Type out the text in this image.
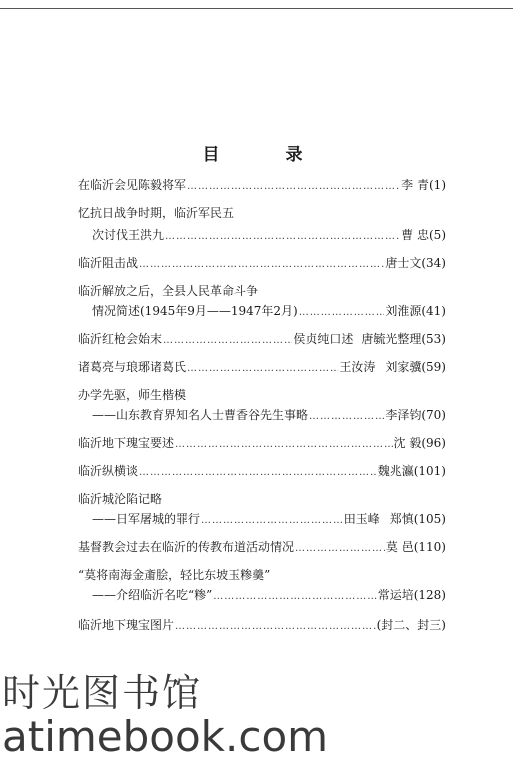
目 录
在临沂会见陈毅将军 ………………………………………………………………………………………………………………	李 青 (1)
忆抗日战争时期，临沂军民五
次讨伐王洪九 ………………………………………………………………………………………………………………	曹 忠 (5)
临沂阻击战 ………………………………………………………………………………………………………………	唐士文 (34)
临沂解放之后，全县人民革命斗争
情况简述(1945年9月——1947年2月) ………………………………………………………………………………………………………………	刘淮源 (41)
临沂红枪会始末 ………………………………………………………………………………………………………………	侯贞纯口述 唐毓光整理 (53)
诸葛亮与琅琊诸葛氏 ………………………………………………………………………………………………………………	王汝涛 刘家骥 (59)
办学先驱，师生楷模
——山东教育界知名人士曹香谷先生事略 ………………………………………………………………………………………………………………	李泽钧 (70)
临沂地下瑰宝要述 ………………………………………………………………………………………………………………	沈 毅 (96)
临沂纵横谈 ………………………………………………………………………………………………………………	魏兆瀛 (101)
临沂城沦陷记略
——日军屠城的罪行 ………………………………………………………………………………………………………………	田玉峰 郑慎 (105)
基督教会过去在临沂的传教布道活动情况 ………………………………………………………………………………………………………………	莫 邑 (110)
“莫将南海金齑脍，轻比东坡玉糁羹”
——介绍临沂名吃“糁” ………………………………………………………………………………………………………………	常运培 (128)
临沂地下瑰宝图片 ………………………………………………………………………………………………………………	(封二、封三)
时光图书馆
atimebook.com
